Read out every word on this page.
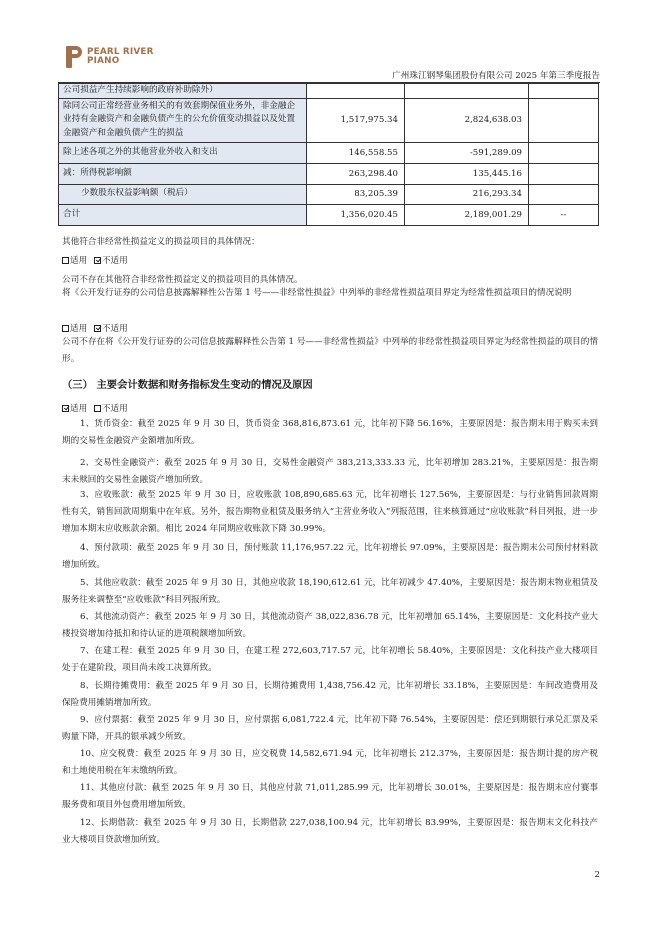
PEARL RIVER
PIANO
广州珠江钢琴集团股份有限公司 2025 年第三季度报告
公司损益产生持续影响的政府补助除外）			
除同公司正常经营业务相关的有效套期保值业务外，非金融企业持有金融资产和金融负债产生的公允价值变动损益以及处置金融资产和金融负债产生的损益	1,517,975.34	2,824,638.03	
除上述各项之外的其他营业外收入和支出	146,558.55	-591,289.09	
减：所得税影响额	263,298.40	135,445.16	
少数股东权益影响额（税后）	83,205.39	216,293.34	
合计	1,356,020.45	2,189,001.29	--
其他符合非经常性损益定义的损益项目的具体情况：
适用 不适用
公司不存在其他符合非经常性损益定义的损益项目的具体情况。
将《公开发行证券的公司信息披露解释性公告第 1 号——非经常性损益》中列举的非经常性损益项目界定为经常性损益项目的情况说明
适用 不适用
公司不存在将《公开发行证券的公司信息披露解释性公告第 1 号——非经常性损益》中列举的非经常性损益项目界定为经常性损益的项目的情形。
（三） 主要会计数据和财务指标发生变动的情况及原因
适用 不适用
1、货币资金：截至 2025 年 9 月 30 日，货币资金 368,816,873.61 元，比年初下降 56.16%，主要原因是：报告期末用于购买未到期的交易性金融资产金额增加所致。
2、交易性金融资产：截至 2025 年 9 月 30 日，交易性金融资产 383,213,333.33 元，比年初增加 283.21%，主要原因是：报告期末未赎回的交易性金融资产增加所致。
3、应收账款：截至 2025 年 9 月 30 日，应收账款 108,890,685.63 元，比年初增长 127.56%，主要原因是：与行业销售回款周期性有关，销售回款周期集中在年底。另外，报告期物业租赁及服务纳入“主营业务收入”列报范围，往来核算通过“应收账款”科目列报，进一步增加本期末应收账款余额。相比 2024 年同期应收账款下降 30.99%。
4、预付款项：截至 2025 年 9 月 30 日，预付账款 11,176,957.22 元，比年初增长 97.09%，主要原因是：报告期末公司预付材料款增加所致。
5、其他应收款：截至 2025 年 9 月 30 日，其他应收款 18,190,612.61 元，比年初减少 47.40%，主要原因是：报告期末物业租赁及服务往来调整至“应收账款”科目列报所致。
6、其他流动资产：截至 2025 年 9 月 30 日，其他流动资产 38,022,836.78 元，比年初增加 65.14%，主要原因是：文化科技产业大楼投资增加待抵扣和待认证的进项税额增加所致。
7、在建工程：截至 2025 年 9 月 30 日，在建工程 272,603,717.57 元，比年初增长 58.40%，主要原因是：文化科技产业大楼项目处于在建阶段，项目尚未竣工决算所致。
8、长期待摊费用：截至 2025 年 9 月 30 日，长期待摊费用 1,438,756.42 元，比年初增长 33.18%，主要原因是：车间改造费用及保险费用摊销增加所致。
9、应付票据：截至 2025 年 9 月 30 日，应付票据 6,081,722.4 元，比年初下降 76.54%，主要原因是：偿还到期银行承兑汇票及采购量下降，开具的银承减少所致。
10、应交税费：截至 2025 年 9 月 30 日，应交税费 14,582,671.94 元，比年初增长 212.37%，主要原因是：报告期计提的房产税和土地使用税在年末缴纳所致。
11、其他应付款：截至 2025 年 9 月 30 日，其他应付款 71,011,285.99 元，比年初增长 30.01%，主要原因是：报告期末应付赛事服务费和项目外包费用增加所致。
12、长期借款：截至 2025 年 9 月 30 日，长期借款 227,038,100.94 元，比年初增长 83.99%，主要原因是：报告期末文化科技产业大楼项目贷款增加所致。
2
